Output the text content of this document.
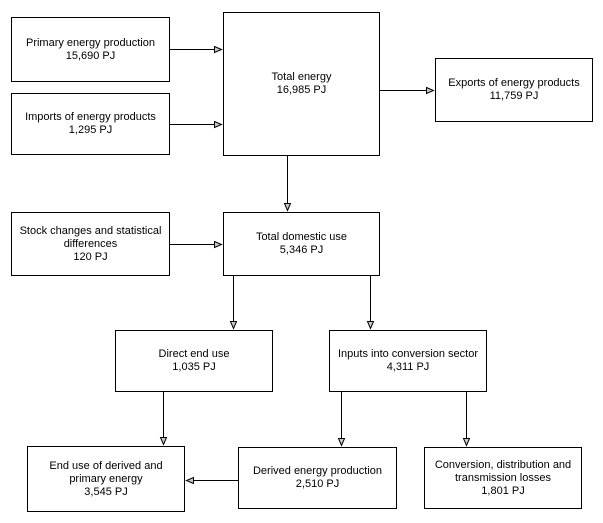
Primary energy production
15,690 PJ
Imports of energy products
1,295 PJ
Total energy
16,985 PJ
Exports of energy products
11,759 PJ
Stock changes and statistical differences
120 PJ
Total domestic use
5,346 PJ
Direct end use
1,035 PJ
Inputs into conversion sector
4,311 PJ
End use of derived and primary energy
3,545 PJ
Derived energy production
2,510 PJ
Conversion, distribution and transmission losses
1,801 PJ
